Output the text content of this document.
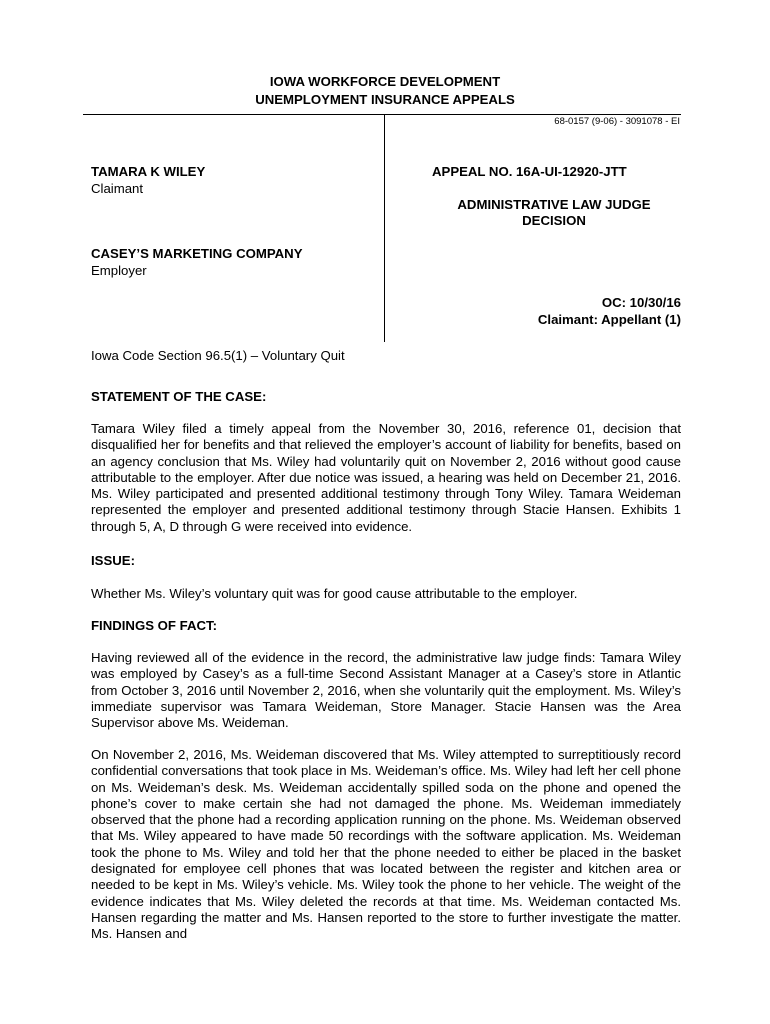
IOWA WORKFORCE DEVELOPMENT
UNEMPLOYMENT INSURANCE APPEALS
68-0157 (9-06) - 3091078 - EI
TAMARA K WILEY
Claimant
CASEY’S MARKETING COMPANY
Employer
APPEAL NO. 16A-UI-12920-JTT
ADMINISTRATIVE LAW JUDGE
DECISION
OC: 10/30/16
Claimant: Appellant (1)
Iowa Code Section 96.5(1) – Voluntary Quit
STATEMENT OF THE CASE:
Tamara Wiley filed a timely appeal from the November 30, 2016, reference 01, decision that disqualified her for benefits and that relieved the employer’s account of liability for benefits, based on an agency conclusion that Ms. Wiley had voluntarily quit on November 2, 2016 without good cause attributable to the employer. After due notice was issued, a hearing was held on December 21, 2016. Ms. Wiley participated and presented additional testimony through Tony Wiley. Tamara Weideman represented the employer and presented additional testimony through Stacie Hansen. Exhibits 1 through 5, A, D through G were received into evidence.
ISSUE:
Whether Ms. Wiley’s voluntary quit was for good cause attributable to the employer.
FINDINGS OF FACT:
Having reviewed all of the evidence in the record, the administrative law judge finds: Tamara Wiley was employed by Casey’s as a full-time Second Assistant Manager at a Casey’s store in Atlantic from October 3, 2016 until November 2, 2016, when she voluntarily quit the employment. Ms. Wiley’s immediate supervisor was Tamara Weideman, Store Manager. Stacie Hansen was the Area Supervisor above Ms. Weideman.
On November 2, 2016, Ms. Weideman discovered that Ms. Wiley attempted to surreptitiously record confidential conversations that took place in Ms. Weideman’s office. Ms. Wiley had left her cell phone on Ms. Weideman’s desk. Ms. Weideman accidentally spilled soda on the phone and opened the phone’s cover to make certain she had not damaged the phone. Ms. Weideman immediately observed that the phone had a recording application running on the phone. Ms. Weideman observed that Ms. Wiley appeared to have made 50 recordings with the software application. Ms. Weideman took the phone to Ms. Wiley and told her that the phone needed to either be placed in the basket designated for employee cell phones that was located between the register and kitchen area or needed to be kept in Ms. Wiley’s vehicle. Ms. Wiley took the phone to her vehicle. The weight of the evidence indicates that Ms. Wiley deleted the records at that time. Ms. Weideman contacted Ms. Hansen regarding the matter and Ms. Hansen reported to the store to further investigate the matter. Ms. Hansen and
